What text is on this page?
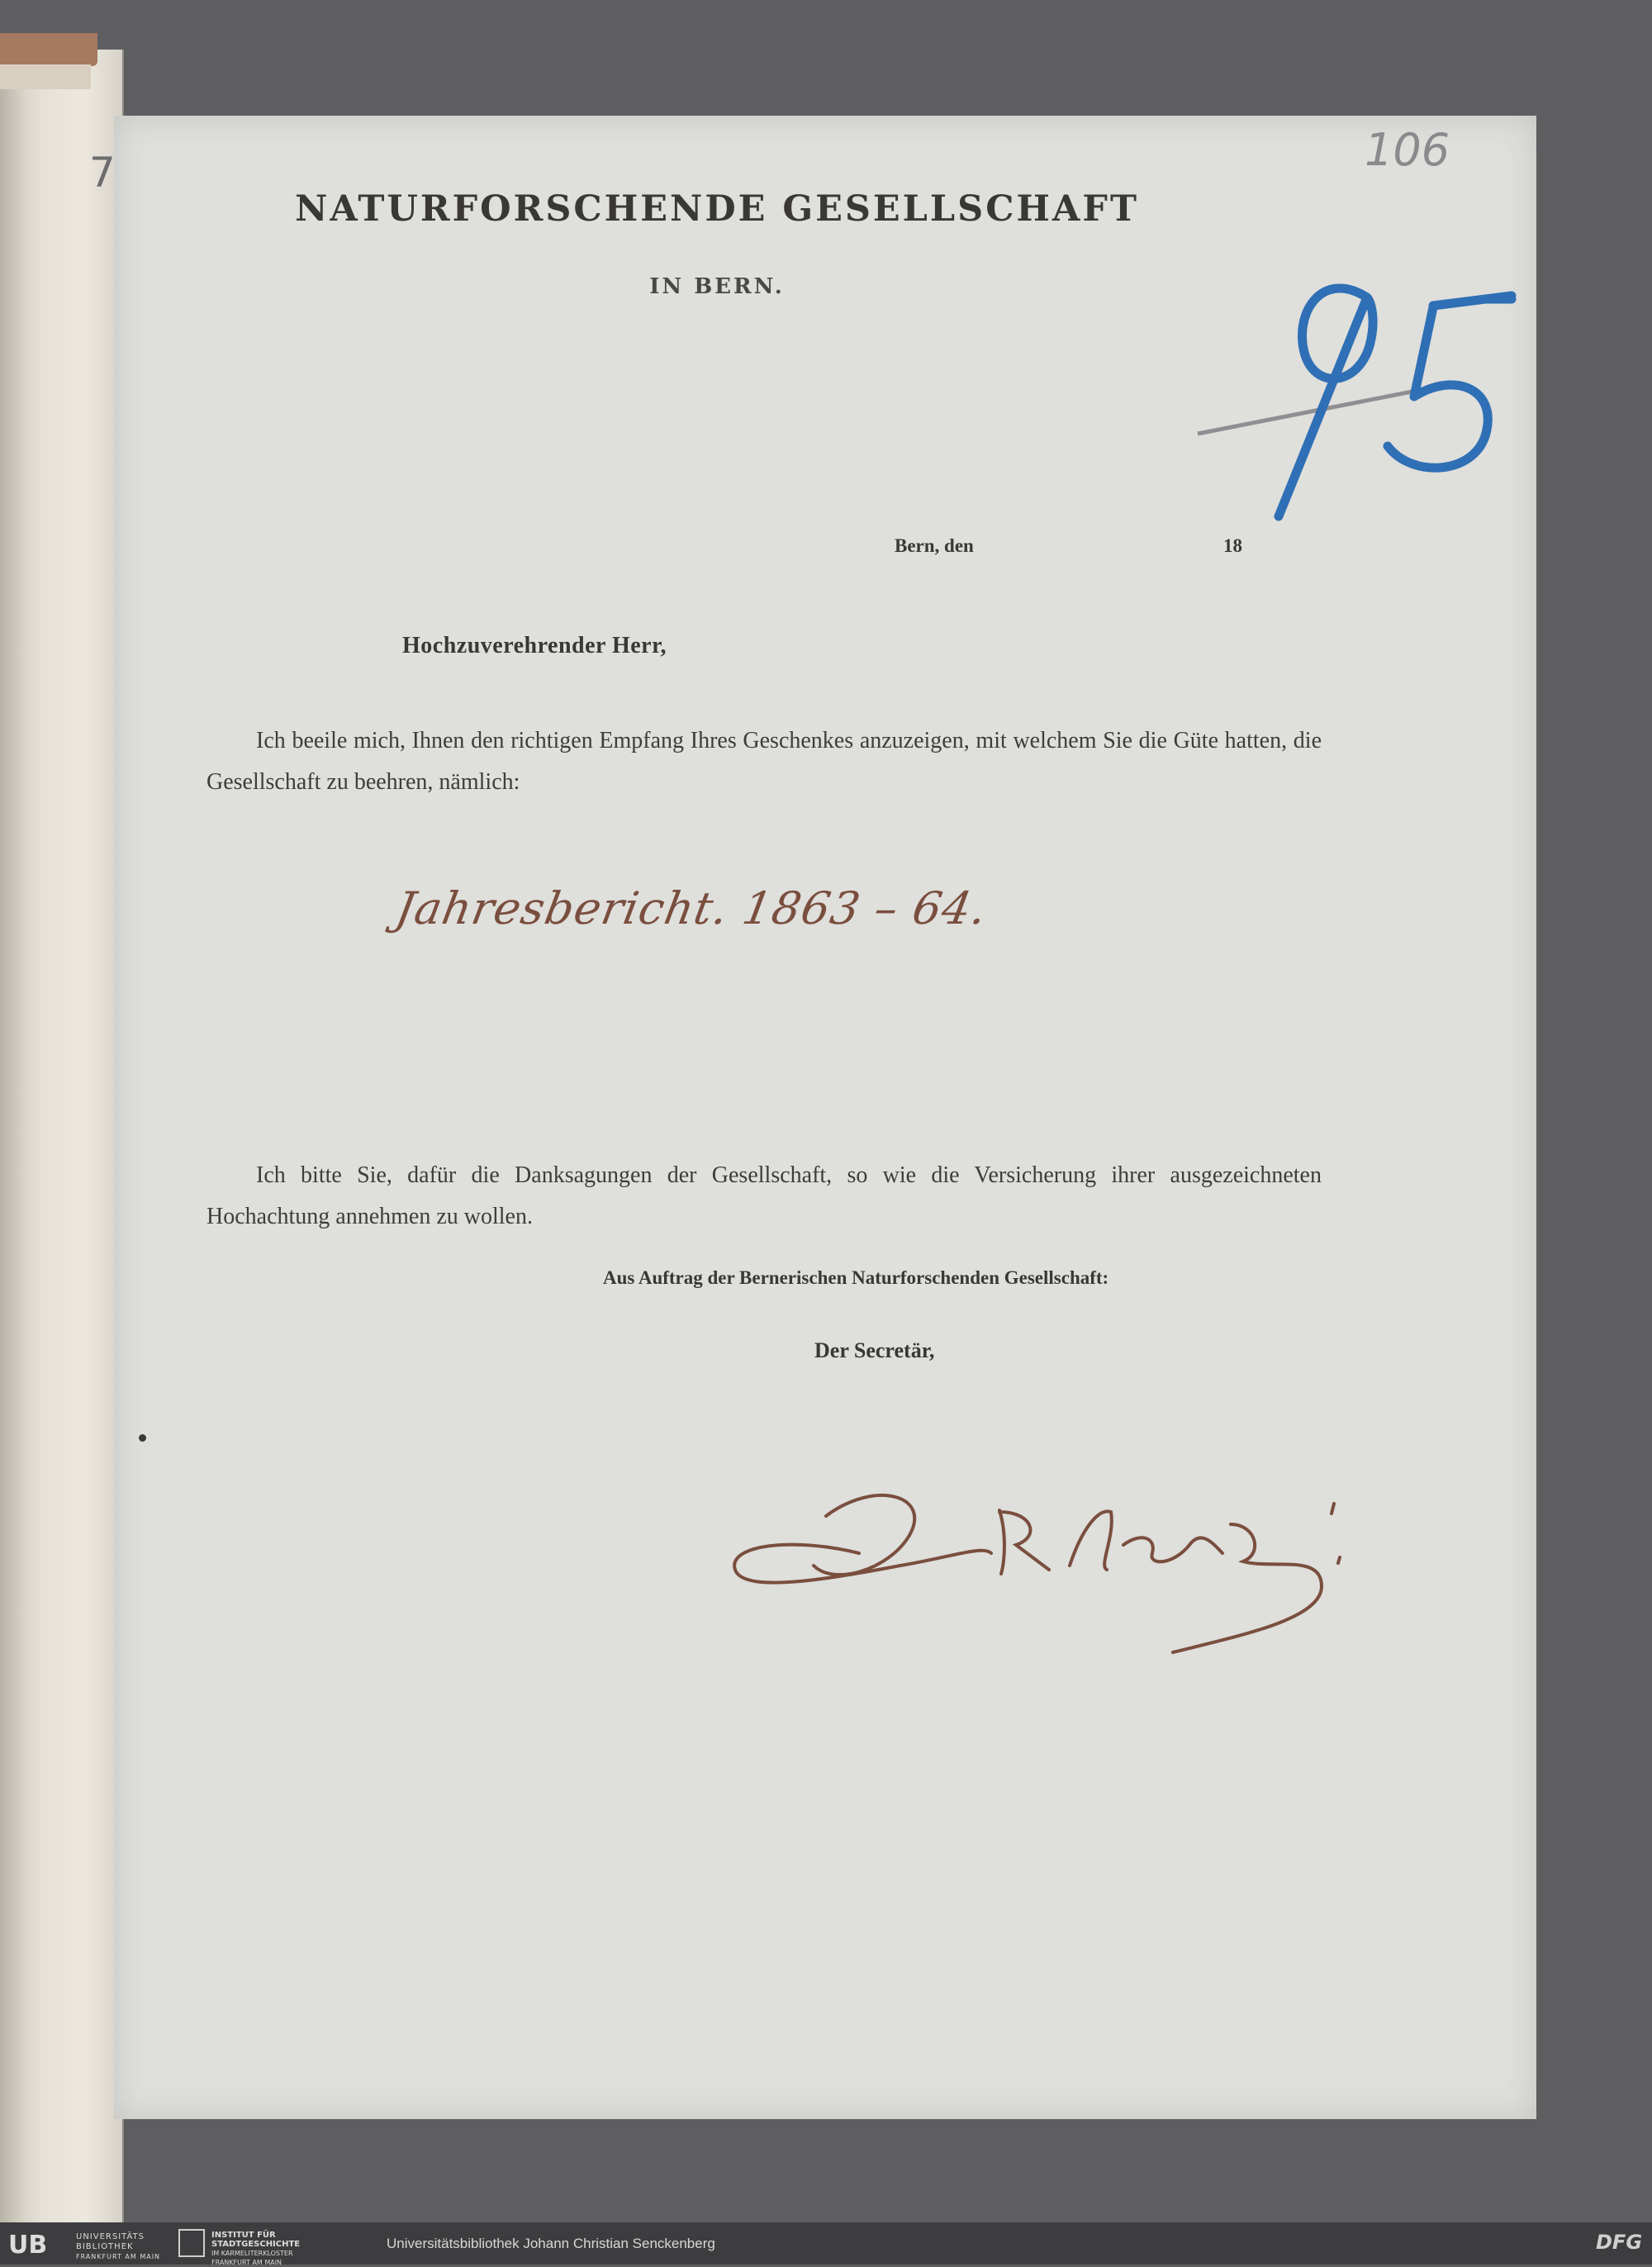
7	106
NATURFORSCHENDE GESELLSCHAFT
IN BERN.
Bern, den	18
Hochzuverehrender Herr,
Ich beeile mich, Ihnen den richtigen Empfang Ihres Geschenkes anzuzeigen, mit welchem Sie die Güte hatten, die Gesellschaft zu beehren, nämlich:
Jahresbericht. 1863 – 64.
Ich bitte Sie, dafür die Danksagungen der Gesellschaft, so wie die Versicherung ihrer ausgezeichneten Hochachtung annehmen zu wollen.
Aus Auftrag der Bernerischen Naturforschenden Gesellschaft:
Der Secretär,
UB	UNIVERSITÄTS
BIBLIOTHEK
FRANKFURT AM MAIN
INSTITUT FÜR
STADTGESCHICHTE
IM KARMELITERKLOSTER
FRANKFURT AM MAIN
Universitätsbibliothek Johann Christian Senckenberg	DFG
